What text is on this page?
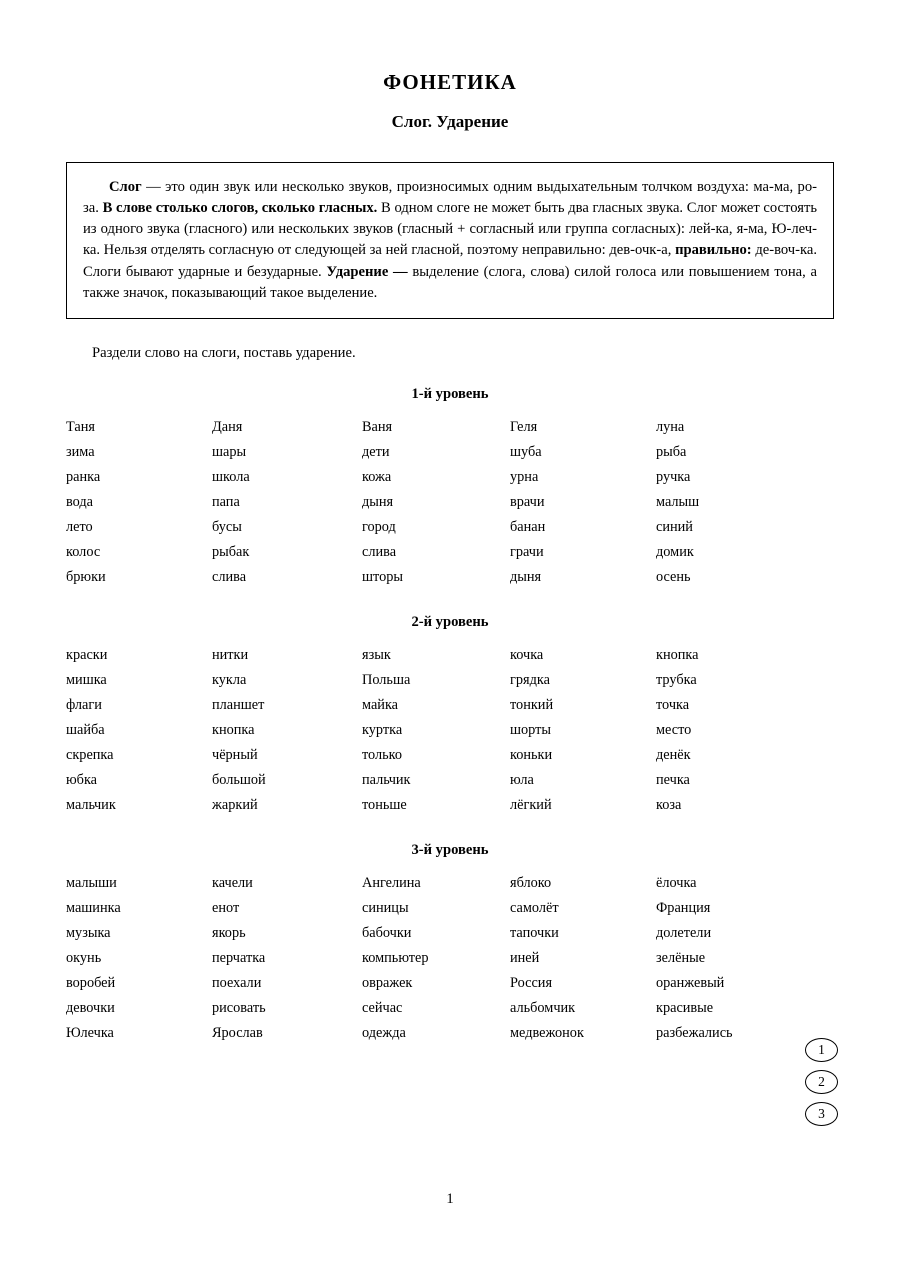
ФОНЕТИКА
Слог. Ударение

Слог — это один звук или несколько звуков, произносимых одним выдыхательным толчком воздуха: ма-ма, ро-за. В слове столько слогов, сколько гласных. В одном слоге не может быть два гласных звука. Слог может состоять из одного звука (гласного) или нескольких звуков (гласный + согласный или группа согласных): лей-ка, я-ма, Ю-леч-ка. Нельзя отделять согласную от следующей за ней гласной, поэтому неправильно: дев-очк-а, правильно: де-воч-ка. Слоги бывают ударные и безударные. Ударение — выделение (слога, слова) силой голоса или повышением тона, а также значок, показывающий такое выделение.

Раздели слово на слоги, поставь ударение.
1-й уровень
Таня	Даня	Ваня	Геля	луна
зима	шары	дети	шуба	рыба
ранка	школа	кожа	урна	ручка
вода	папа	дыня	врачи	малыш
лето	бусы	город	банан	синий
колос	рыбак	слива	грачи	домик
брюки	слива	шторы	дыня	осень
2-й уровень
краски	нитки	язык	кочка	кнопка
мишка	кукла	Польша	грядка	трубка
флаги	планшет	майка	тонкий	точка
шайба	кнопка	куртка	шорты	место
скрепка	чёрный	только	коньки	денёк
юбка	большой	пальчик	юла	печка
мальчик	жаркий	тоньше	лёгкий	коза
3-й уровень
малыши	качели	Ангелина	яблоко	ёлочка
машинка	енот	синицы	самолёт	Франция
музыка	якорь	бабочки	тапочки	долетели
окунь	перчатка	компьютер	иней	зелёные
воробей	поехали	овражек	Россия	оранжевый
девочки	рисовать	сейчас	альбомчик	красивые
Юлечка	Ярослав	одежда	медвежонок	разбежались
1
2
3
1
